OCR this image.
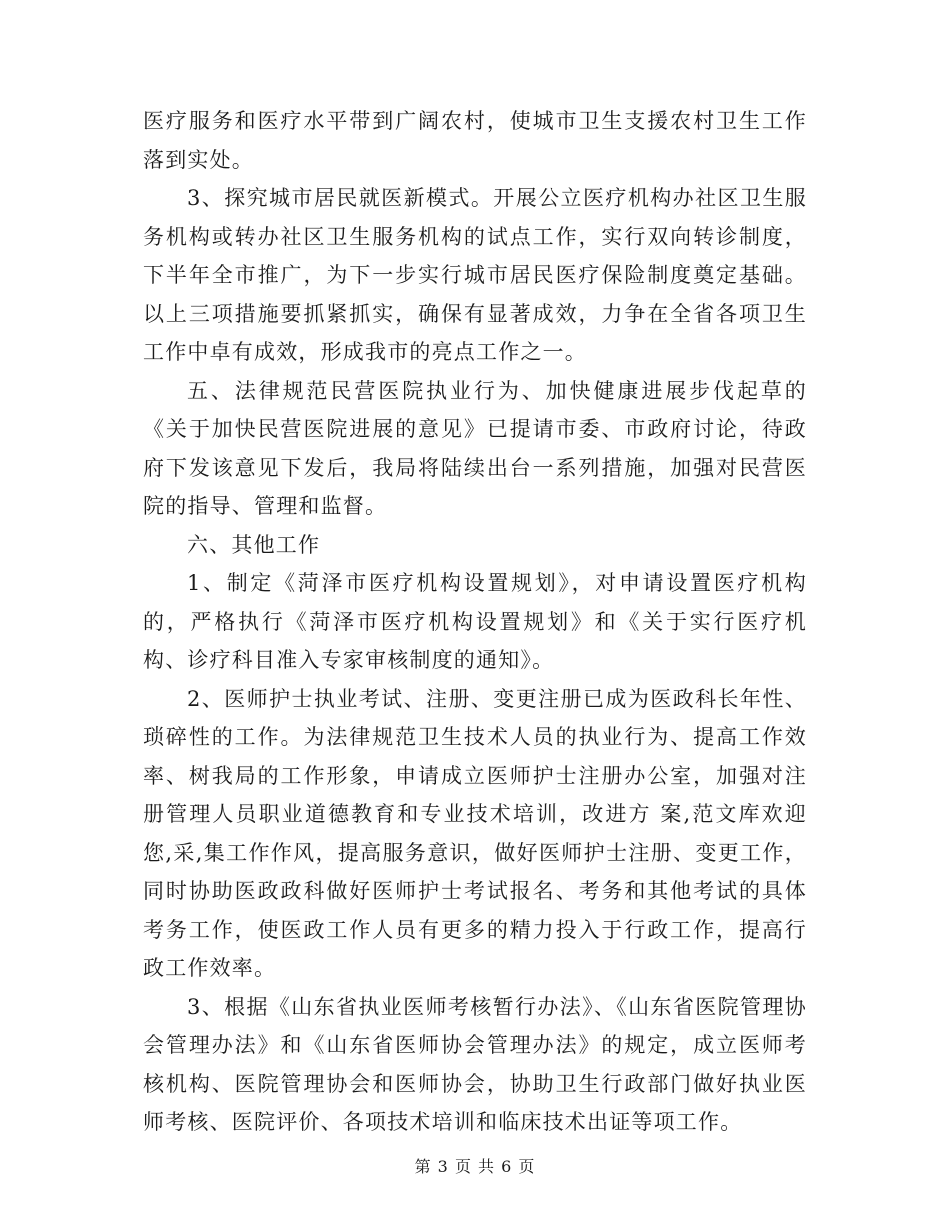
医疗服务和医疗水平带到广阔农村，使城市卫生支援农村卫生工作落到实处。

3、探究城市居民就医新模式。开展公立医疗机构办社区卫生服务机构或转办社区卫生服务机构的试点工作，实行双向转诊制度，下半年全市推广，为下一步实行城市居民医疗保险制度奠定基础。以上三项措施要抓紧抓实，确保有显著成效，力争在全省各项卫生工作中卓有成效，形成我市的亮点工作之一。

五、法律规范民营医院执业行为、加快健康进展步伐起草的《关于加快民营医院进展的意见》已提请市委、市政府讨论，待政府下发该意见下发后，我局将陆续出台一系列措施，加强对民营医院的指导、管理和监督。

六、其他工作

1、制定《菏泽市医疗机构设置规划》，对申请设置医疗机构的，严格执行《菏泽市医疗机构设置规划》和《关于实行医疗机构、诊疗科目准入专家审核制度的通知》。

2、医师护士执业考试、注册、变更注册已成为医政科长年性、琐碎性的工作。为法律规范卫生技术人员的执业行为、提高工作效率、树我局的工作形象，申请成立医师护士注册办公室，加强对注册管理人员职业道德教育和专业技术培训，改进方 案,范文库欢迎 您,采,集工作作风，提高服务意识，做好医师护士注册、变更工作，同时协助医政政科做好医师护士考试报名、考务和其他考试的具体考务工作，使医政工作人员有更多的精力投入于行政工作，提高行政工作效率。

3、根据《山东省执业医师考核暂行办法》、《山东省医院管理协会管理办法》和《山东省医师协会管理办法》的规定，成立医师考核机构、医院管理协会和医师协会，协助卫生行政部门做好执业医师考核、医院评价、各项技术培训和临床技术出证等项工作。

第 3 页 共 6 页
